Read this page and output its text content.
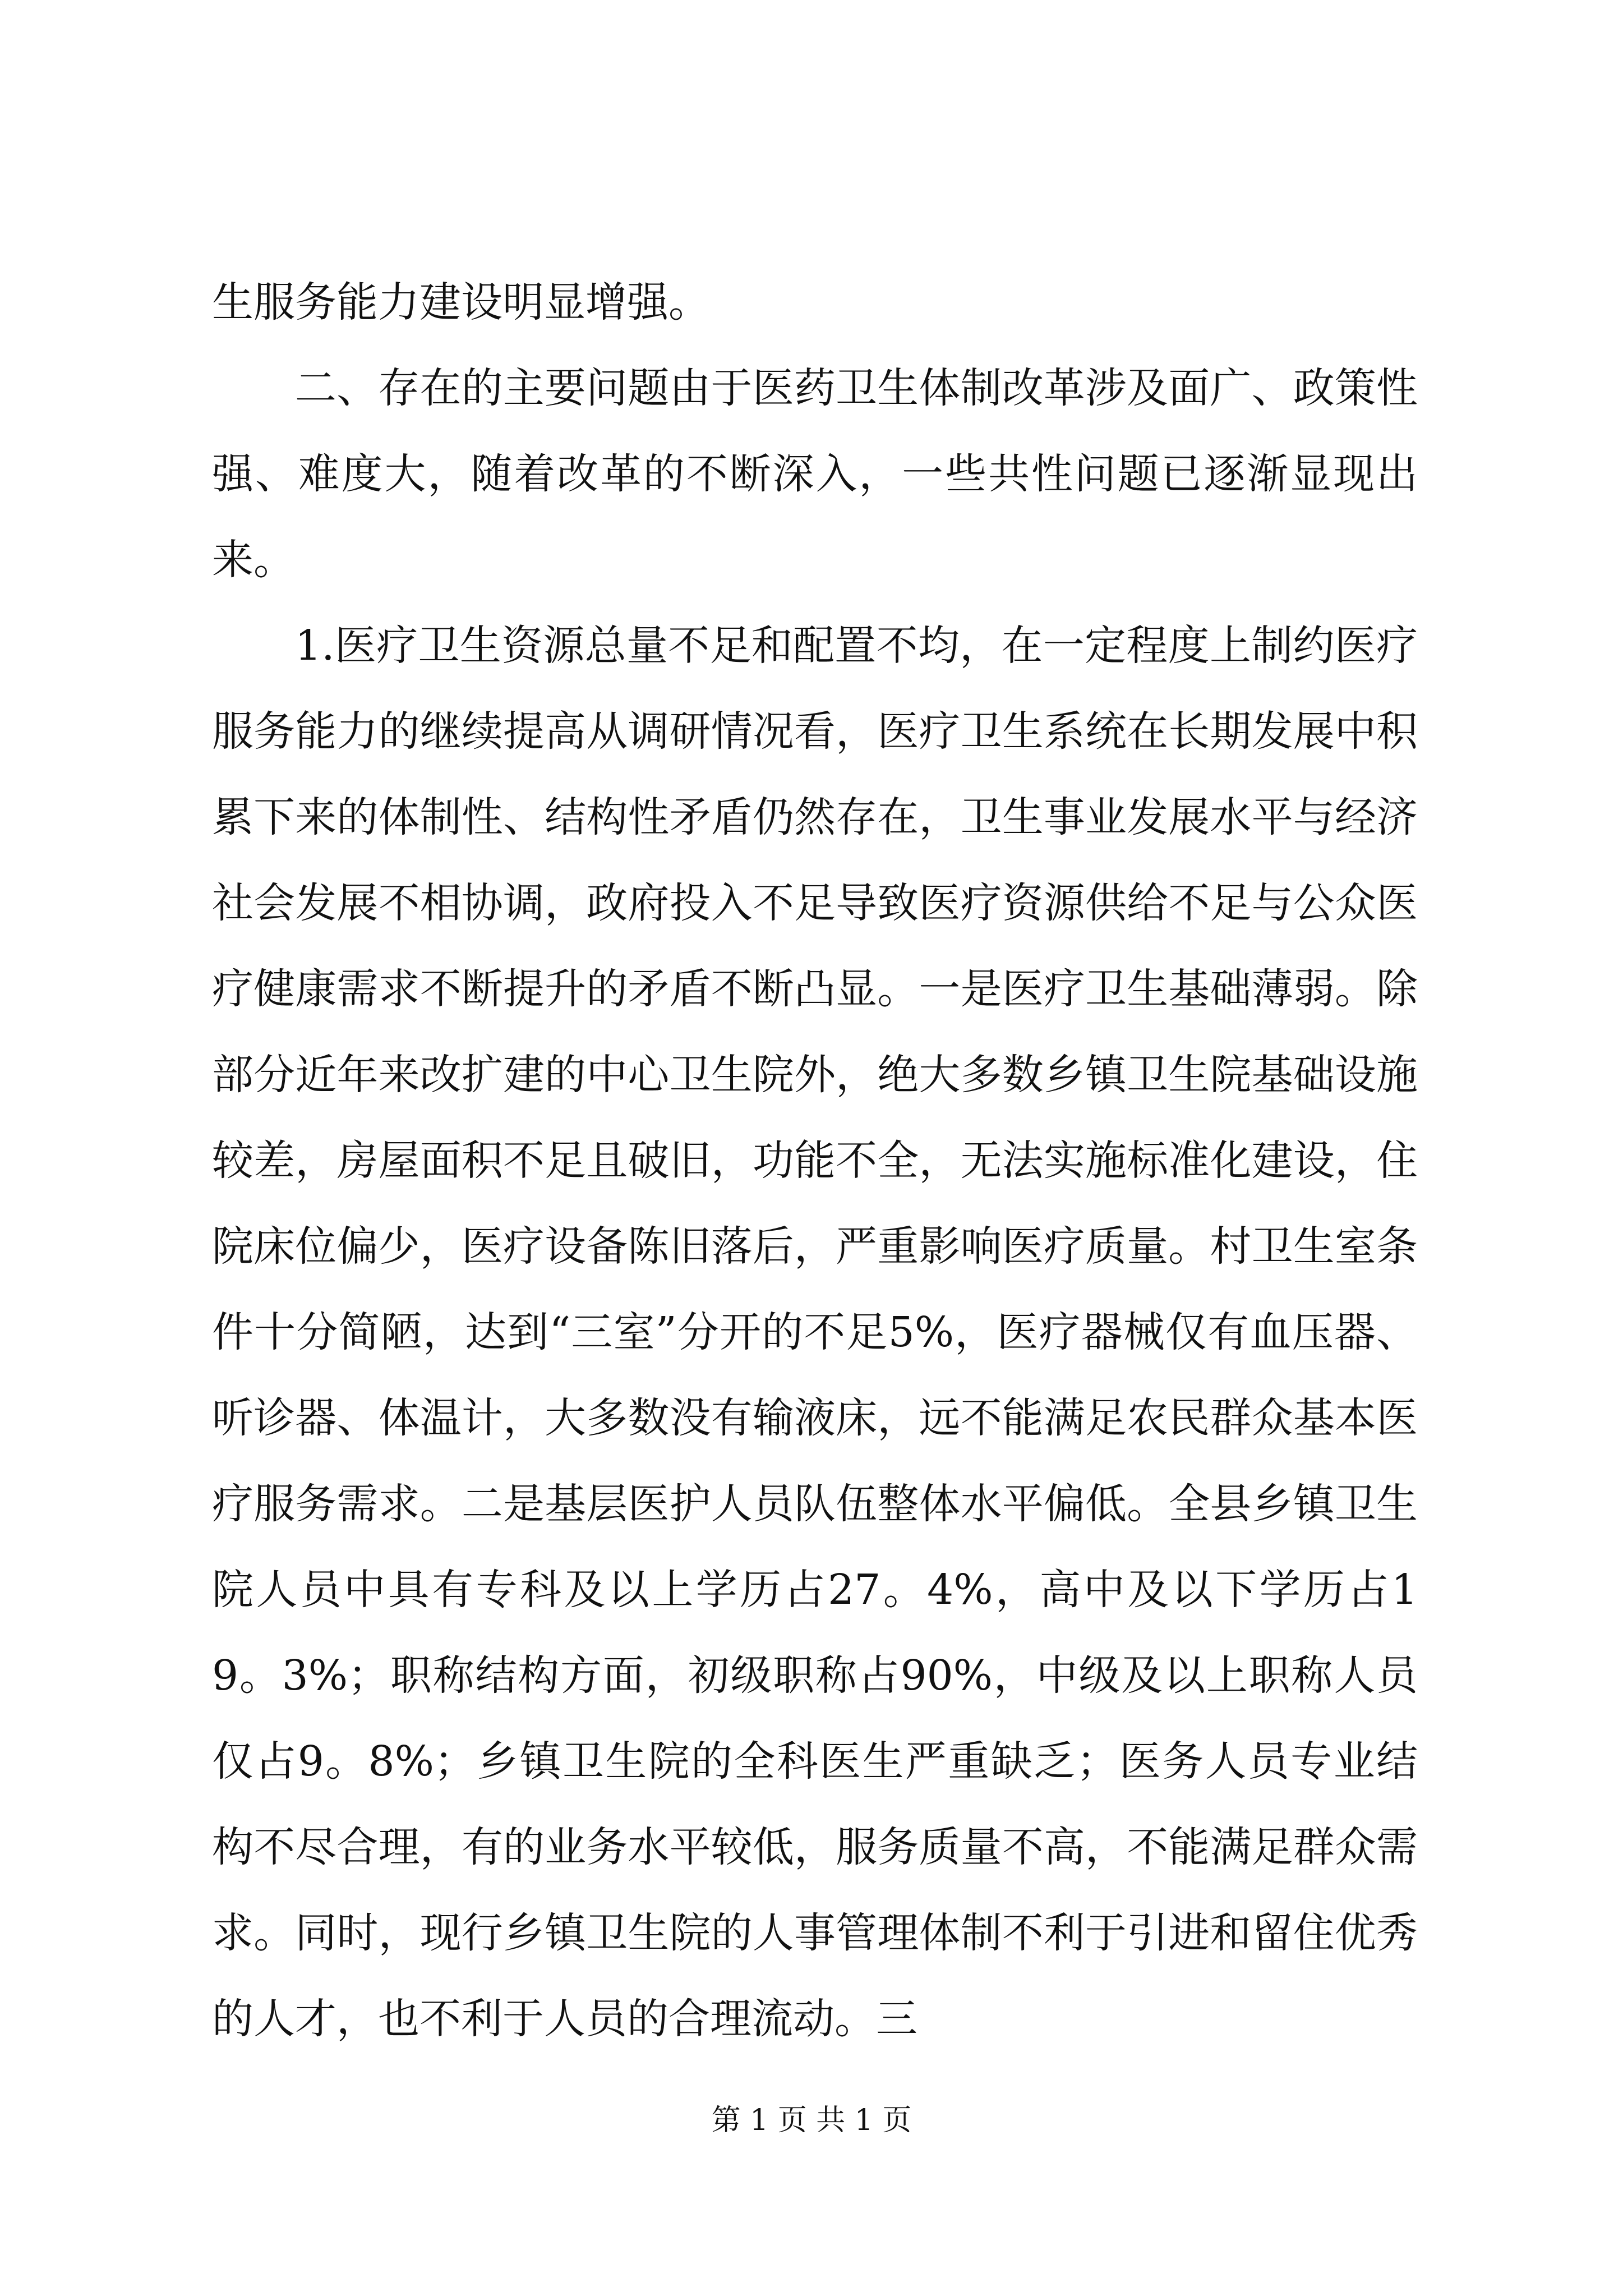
生服务能力建设明显增强。

二、存在的主要问题由于医药卫生体制改革涉及面广、政策性强、难度大，随着改革的不断深入，一些共性问题已逐渐显现出来。

1.医疗卫生资源总量不足和配置不均，在一定程度上制约医疗服务能力的继续提高从调研情况看，医疗卫生系统在长期发展中积累下来的体制性、结构性矛盾仍然存在，卫生事业发展水平与经济社会发展不相协调，政府投入不足导致医疗资源供给不足与公众医疗健康需求不断提升的矛盾不断凸显。一是医疗卫生基础薄弱。除部分近年来改扩建的中心卫生院外，绝大多数乡镇卫生院基础设施较差，房屋面积不足且破旧，功能不全，无法实施标准化建设，住院床位偏少，医疗设备陈旧落后，严重影响医疗质量。村卫生室条件十分简陋，达到“三室”分开的不足5%，医疗器械仅有血压器、听诊器、体温计，大多数没有输液床，远不能满足农民群众基本医疗服务需求。二是基层医护人员队伍整体水平偏低。全县乡镇卫生院人员中具有专科及以上学历占27。4%，高中及以下学历占19。3%；职称结构方面，初级职称占90%，中级及以上职称人员仅占9。8%；乡镇卫生院的全科医生严重缺乏；医务人员专业结构不尽合理，有的业务水平较低，服务质量不高，不能满足群众需求。同时，现行乡镇卫生院的人事管理体制不利于引进和留住优秀的人才，也不利于人员的合理流动。三

第 1 页 共 1 页
